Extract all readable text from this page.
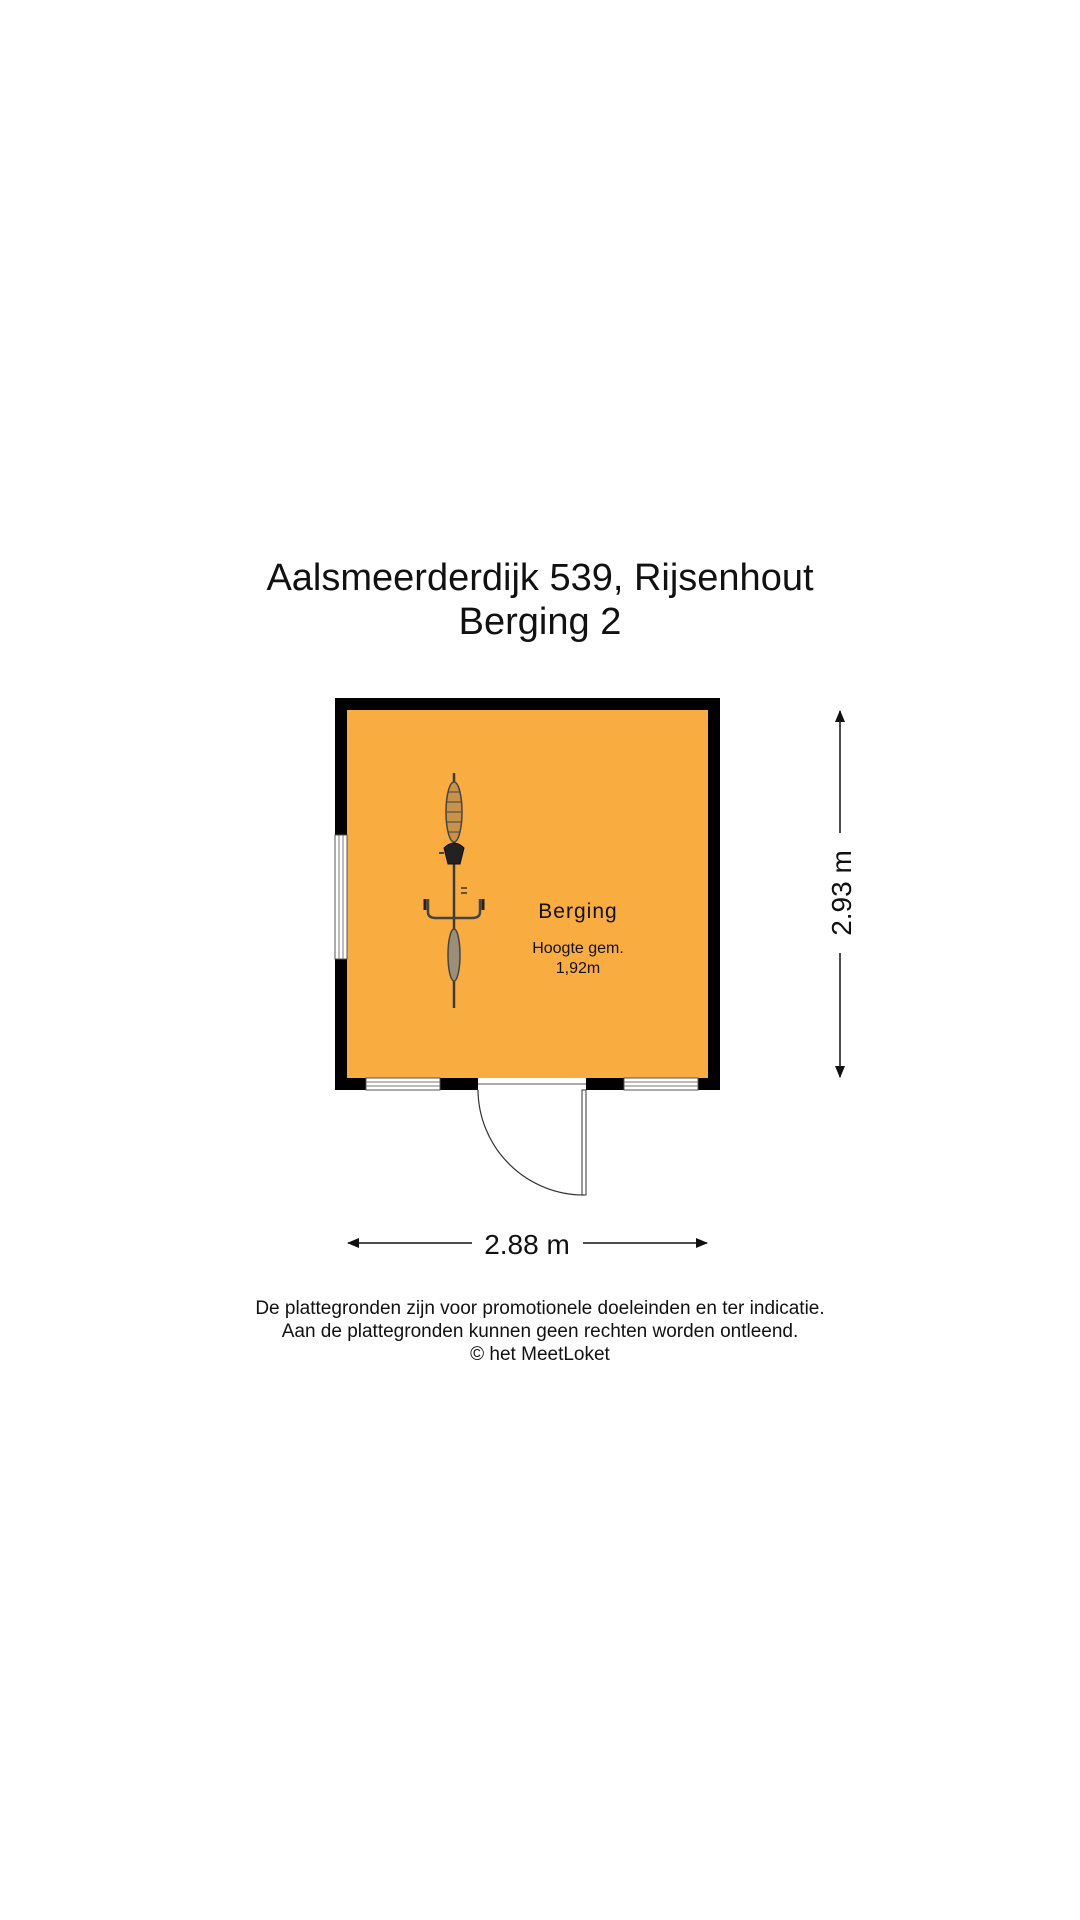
Aalsmeerderdijk 539, Rijsenhout
Berging 2
Berging
Hoogte gem.
1,92m
2.88 m
2.93 m
De plattegronden zijn voor promotionele doeleinden en ter indicatie.
Aan de plattegronden kunnen geen rechten worden ontleend.
© het MeetLoket
